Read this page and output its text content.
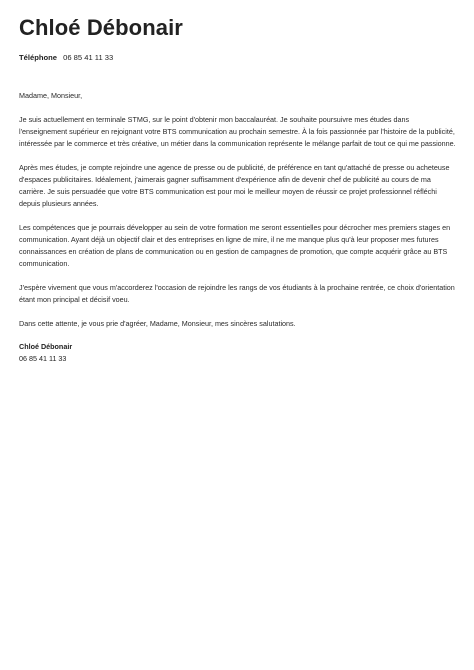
Chloé Débonair
Téléphone 06 85 41 11 33

Madame, Monsieur,

Je suis actuellement en terminale STMG, sur le point d'obtenir mon baccalauréat. Je souhaite poursuivre mes études dans l'enseignement supérieur en rejoignant votre BTS communication au prochain semestre. À la fois passionnée par l'histoire de la publicité, intéressée par le commerce et très créative, un métier dans la communication représente le mélange parfait de tout ce qui me passionne.

Après mes études, je compte rejoindre une agence de presse ou de publicité, de préférence en tant qu'attaché de presse ou acheteuse d'espaces publicitaires. Idéalement, j'aimerais gagner suffisamment d'expérience afin de devenir chef de publicité au cours de ma carrière. Je suis persuadée que votre BTS communication est pour moi le meilleur moyen de réussir ce projet professionnel réfléchi depuis plusieurs années.

Les compétences que je pourrais développer au sein de votre formation me seront essentielles pour décrocher mes premiers stages en communication. Ayant déjà un objectif clair et des entreprises en ligne de mire, il ne me manque plus qu'à leur proposer mes futures connaissances en création de plans de communication ou en gestion de campagnes de promotion, que compte acquérir grâce au BTS communication.

J'espère vivement que vous m'accorderez l'occasion de rejoindre les rangs de vos étudiants à la prochaine rentrée, ce choix d'orientation étant mon principal et décisif voeu.

Dans cette attente, je vous prie d'agréer, Madame, Monsieur, mes sincères salutations.

Chloé Débonair
06 85 41 11 33
